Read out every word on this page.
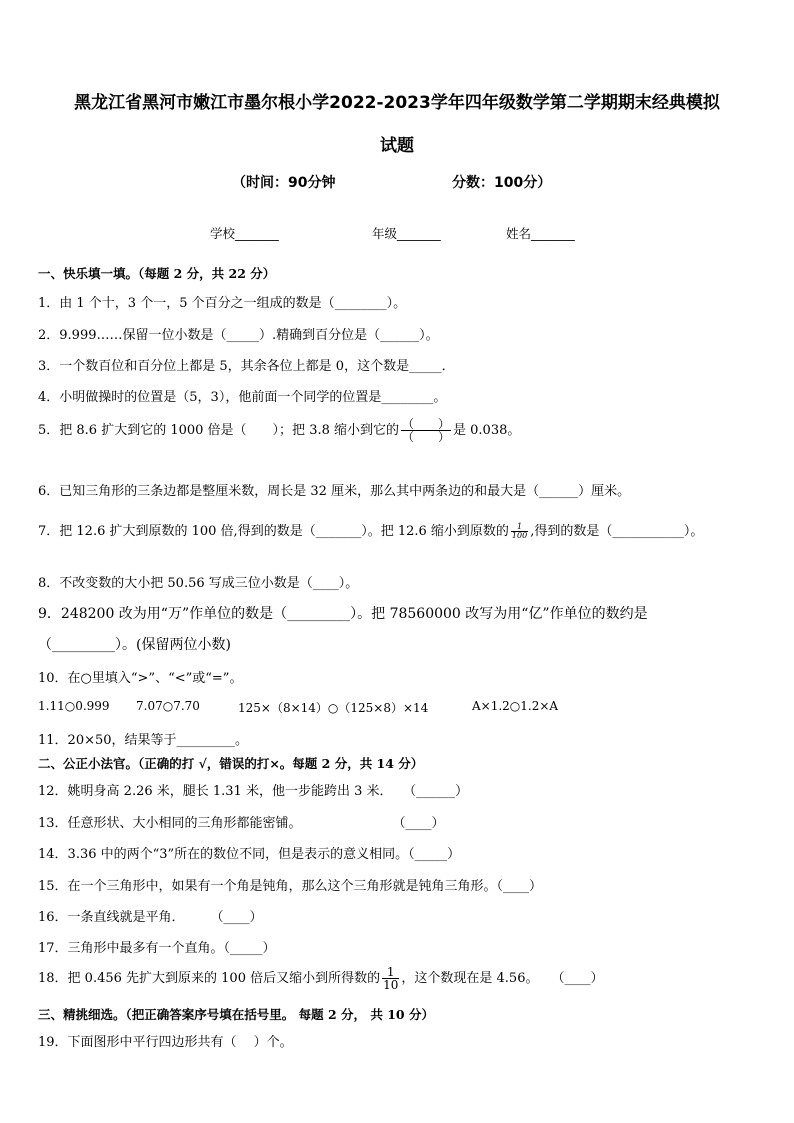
黑龙江省黑河市嫩江市墨尔根小学2022-2023学年四年级数学第二学期期末经典模拟
试题
（时间：90分钟	分数：100分）
学校_______	年级_______	姓名_______
一、快乐填一填。（每题 2 分，共 22 分）
1．由 1 个十，3 个一，5 个百分之一组成的数是（________）。
2．9.999……保留一位小数是（_____）.精确到百分位是（______）。
3．一个数百位和百分位上都是 5，其余各位上都是 0，这个数是_____．
4．小明做操时的位置是（5，3），他前面一个同学的位置是________。
5．把 8.6 扩大到它的 1000 倍是（　　）；把 3.8 缩小到它的 $\frac{( )}{( )}$ 是 0.038。
6．已知三角形的三条边都是整厘米数，周长是 32 厘米，那么其中两条边的和最大是（______）厘米。
7．把 12.6 扩大到原数的 100 倍,得到的数是（_______）。把 12.6 缩小到原数的 $\frac{1}{100}$ ,得到的数是（___________）。
8．不改变数的大小把 50.56 写成三位小数是（____）。
9．248200 改为用“万”作单位的数是（_________）。把 78560000 改写为用“亿”作单位的数约是
（_________）。(保留两位小数)
10．在○里填入“>”、“<”或“=”。
1.11○0.999 7.07○7.70	125×（8×14）○（125×8）×14	A×1.2○1.2×A
11．20×50，结果等于_________。
二、公正小法官。（正确的打 √，错误的打×。每题 2 分，共 14 分）
12．姚明身高 2.26 米，腿长 1.31 米，他一步能跨出 3 米．　 （______）
13．任意形状、大小相同的三角形都能密铺。　　　　　　　　（____）
14．3.36 中的两个“3”所在的数位不同，但是表示的意义相同。（_____）
15．在一个三角形中，如果有一个角是钝角，那么这个三角形就是钝角三角形。（____）
16．一条直线就是平角．　　　（____）
17．三角形中最多有一个直角。（_____）
18．把 0.456 先扩大到原来的 100 倍后又缩小到所得数的 $\frac{1}{10}$ ，这个数现在是 4.56。　　（____）
三、精挑细选。（把正确答案序号填在括号里。 每题 2 分， 共 10 分）
19．下面图形中平行四边形共有（　 ）个。
